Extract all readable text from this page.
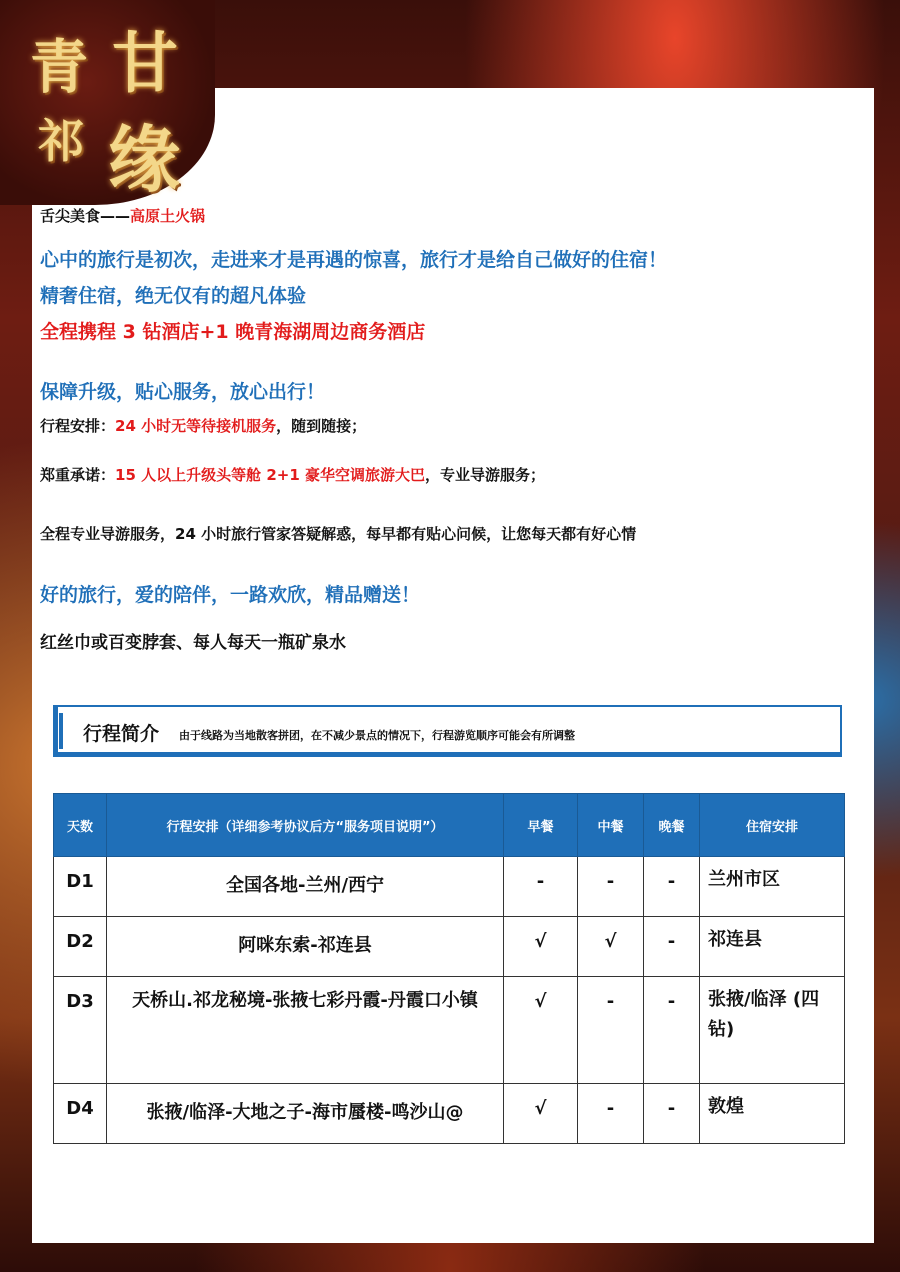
青 甘
祁 缘
舌尖美食——高原土火锅
心中的旅行是初次，走进来才是再遇的惊喜，旅行才是给自己做好的住宿！
精奢住宿，绝无仅有的超凡体验
全程携程 3 钻酒店+1 晚青海湖周边商务酒店
保障升级，贴心服务，放心出行！
行程安排：24 小时无等待接机服务，随到随接；
郑重承诺：15 人以上升级头等舱 2+1 豪华空调旅游大巴，专业导游服务；
全程专业导游服务，24 小时旅行管家答疑解惑，每早都有贴心问候，让您每天都有好心情
好的旅行，爱的陪伴，一路欢欣，精品赠送！
红丝巾或百变脖套、每人每天一瓶矿泉水
行程简介 由于线路为当地散客拼团，在不减少景点的情况下，行程游览顺序可能会有所调整
天数	行程安排（详细参考协议后方“服务项目说明”）	早餐	中餐	晚餐	住宿安排
D1	全国各地-兰州/西宁	-	-	-	兰州市区
D2	阿咪东索-祁连县	√	√	-	祁连县
D3	天桥山.祁龙秘境-张掖七彩丹霞-丹霞口小镇	√	-	-	张掖/临泽 (四钻)
D4	张掖/临泽-大地之子-海市蜃楼-鸣沙山@	√	-	-	敦煌
